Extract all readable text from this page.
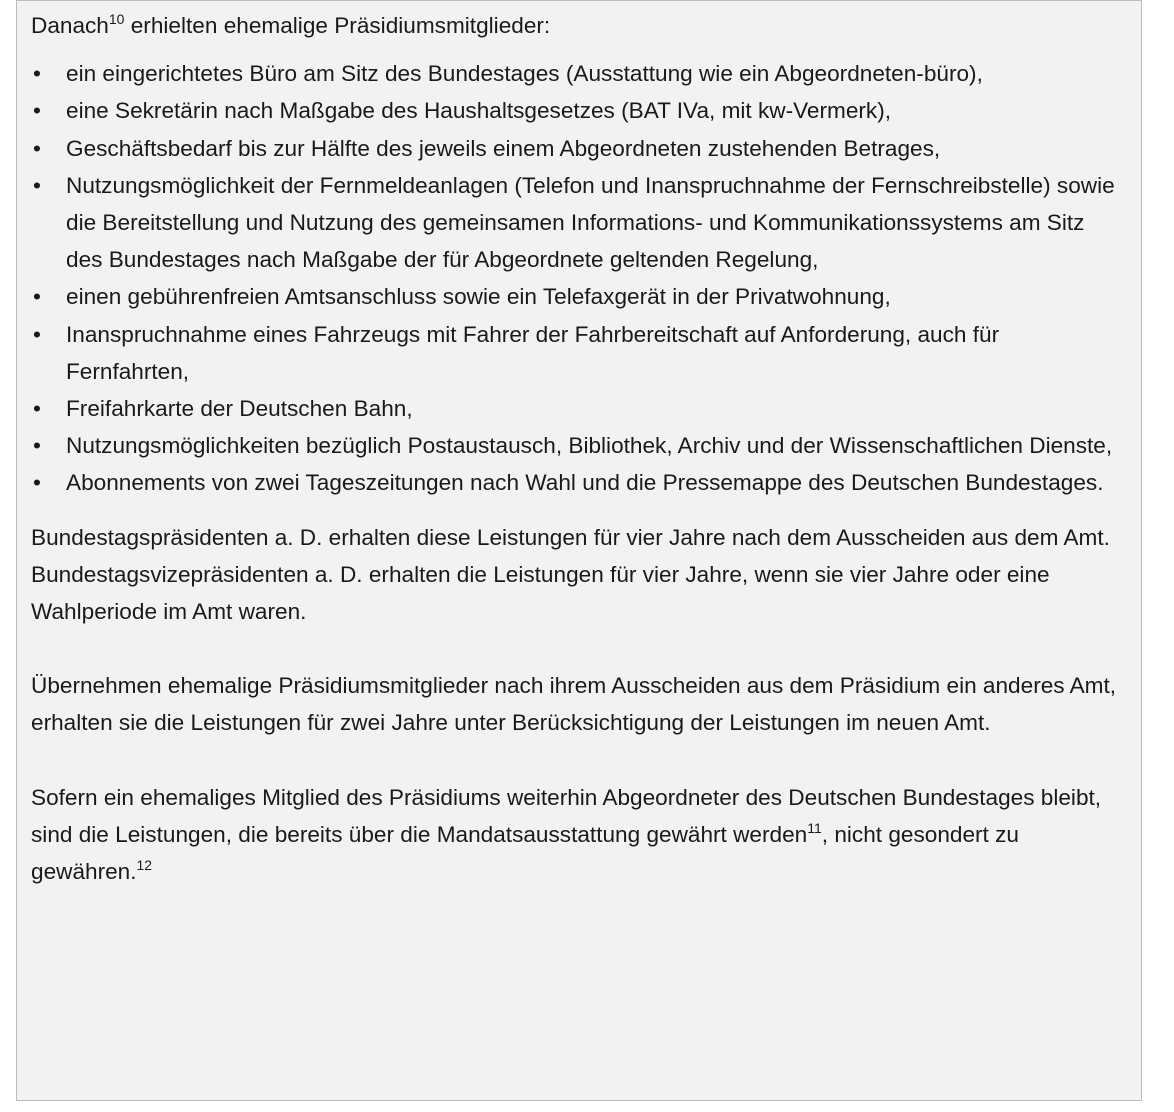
Danach$^{10}$ erhielten ehemalige Präsidiumsmitglieder:

•	ein eingerichtetes Büro am Sitz des Bundestages (Ausstattung wie ein Abgeordneten-büro),
•	eine Sekretärin nach Maßgabe des Haushaltsgesetzes (BAT IVa, mit kw-Vermerk),
•	Geschäftsbedarf bis zur Hälfte des jeweils einem Abgeordneten zustehenden Betrages,
•	Nutzungsmöglichkeit der Fernmeldeanlagen (Telefon und Inanspruchnahme der Fernschreibstelle) sowie die Bereitstellung und Nutzung des gemeinsamen Informations- und Kommunikationssystems am Sitz des Bundestages nach Maßgabe der für Abgeordnete geltenden Regelung,
•	einen gebührenfreien Amtsanschluss sowie ein Telefaxgerät in der Privatwohnung,
•	Inanspruchnahme eines Fahrzeugs mit Fahrer der Fahrbereitschaft auf Anforderung, auch für Fernfahrten,
•	Freifahrkarte der Deutschen Bahn,
•	Nutzungsmöglichkeiten bezüglich Postaustausch, Bibliothek, Archiv und der Wissenschaftlichen Dienste,
•	Abonnements von zwei Tageszeitungen nach Wahl und die Pressemappe des Deutschen Bundestages.

Bundestagspräsidenten a. D. erhalten diese Leistungen für vier Jahre nach dem Ausscheiden aus dem Amt. Bundestagsvizepräsidenten a. D. erhalten die Leistungen für vier Jahre, wenn sie vier Jahre oder eine Wahlperiode im Amt waren.

Übernehmen ehemalige Präsidiumsmitglieder nach ihrem Ausscheiden aus dem Präsidium ein anderes Amt, erhalten sie die Leistungen für zwei Jahre unter Berücksichtigung der Leistungen im neuen Amt.

Sofern ein ehemaliges Mitglied des Präsidiums weiterhin Abgeordneter des Deutschen Bundestages bleibt, sind die Leistungen, die bereits über die Mandatsausstattung gewährt werden$^{11}$, nicht gesondert zu gewähren.$^{12}$
